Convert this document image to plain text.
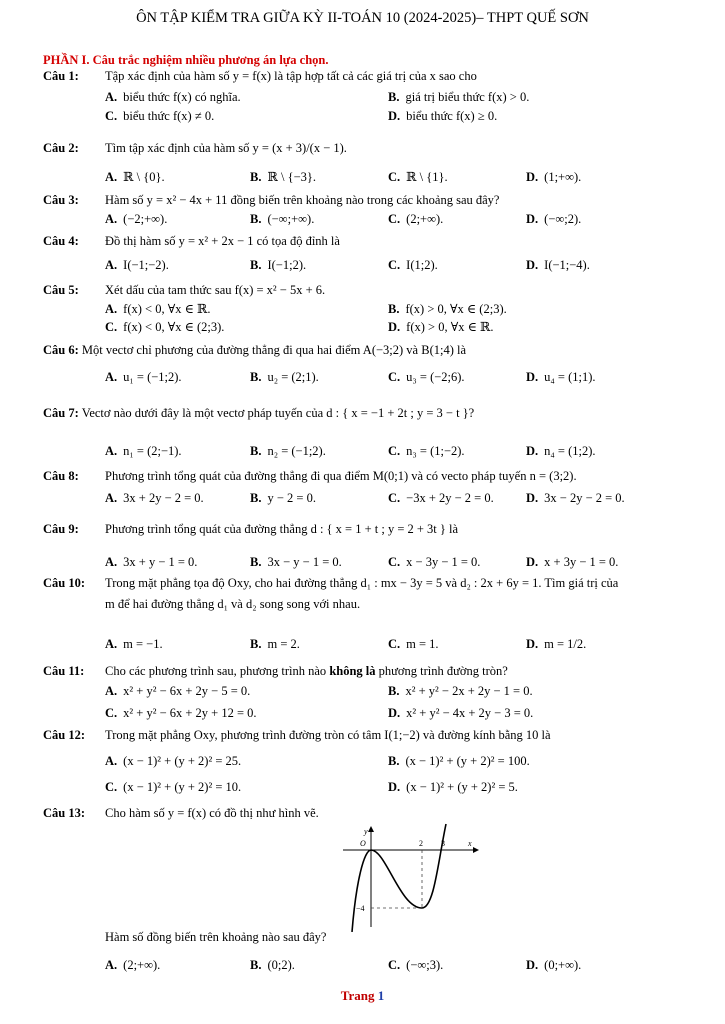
ÔN TẬP KIỂM TRA GIỮA KỲ II-TOÁN 10 (2024-2025)– THPT QUẾ SƠN
PHẦN I. Câu trắc nghiệm nhiều phương án lựa chọn.
Câu 1: Tập xác định của hàm số y = f(x) là tập hợp tất cả các giá trị của x sao cho
A. biểu thức f(x) có nghĩa.	B. giá trị biểu thức f(x) > 0.
C. biểu thức f(x) ≠ 0.	D. biểu thức f(x) ≥ 0.
Câu 2: Tìm tập xác định của hàm số y = (x + 3)/(x − 1).
A. ℝ \ {0}.	B. ℝ \ {−3}.	C. ℝ \ {1}.	D. (1;+∞).
Câu 3: Hàm số y = x² − 4x + 11 đồng biến trên khoảng nào trong các khoảng sau đây?
A. (−2;+∞).	B. (−∞;+∞).	C. (2;+∞).	D. (−∞;2).
Câu 4: Đồ thị hàm số y = x² + 2x − 1 có tọa độ đỉnh là
A. I(−1;−2).	B. I(−1;2).	C. I(1;2).	D. I(−1;−4).
Câu 5: Xét dấu của tam thức sau f(x) = x² − 5x + 6.
A. f(x) < 0, ∀x ∈ ℝ.	B. f(x) > 0, ∀x ∈ (2;3).
C. f(x) < 0, ∀x ∈ (2;3).	D. f(x) > 0, ∀x ∈ ℝ.
Câu 6: Một vectơ chỉ phương của đường thẳng đi qua hai điểm A(−3;2) và B(1;4) là
A. u₁ = (−1;2).	B. u₂ = (2;1).	C. u₃ = (−2;6).	D. u₄ = (1;1).
Câu 7: Vectơ nào dưới đây là một vectơ pháp tuyến của d : { x = −1 + 2t ; y = 3 − t }?
A. n₁ = (2;−1).	B. n₂ = (−1;2).	C. n₃ = (1;−2).	D. n₄ = (1;2).
Câu 8: Phương trình tổng quát của đường thẳng đi qua điểm M(0;1) và có vecto pháp tuyến n = (3;2).
A. 3x + 2y − 2 = 0.	B. y − 2 = 0.	C. −3x + 2y − 2 = 0.	D. 3x − 2y − 2 = 0.
Câu 9: Phương trình tổng quát của đường thẳng d : { x = 1 + t ; y = 2 + 3t } là
A. 3x + y − 1 = 0.	B. 3x − y − 1 = 0.	C. x − 3y − 1 = 0.	D. x + 3y − 1 = 0.
Câu 10: Trong mặt phẳng tọa độ Oxy, cho hai đường thẳng d₁ : mx − 3y = 5 và d₂ : 2x + 6y = 1. Tìm giá trị của
m để hai đường thẳng d₁ và d₂ song song với nhau.
A. m = −1.	B. m = 2.	C. m = 1.	D. m = 1/2.
Câu 11: Cho các phương trình sau, phương trình nào không là phương trình đường tròn?
A. x² + y² − 6x + 2y − 5 = 0.	B. x² + y² − 2x + 2y − 1 = 0.
C. x² + y² − 6x + 2y + 12 = 0.	D. x² + y² − 4x + 2y − 3 = 0.
Câu 12: Trong mặt phẳng Oxy, phương trình đường tròn có tâm I(1;−2) và đường kính bằng 10 là
A. (x − 1)² + (y + 2)² = 25.	B. (x − 1)² + (y + 2)² = 100.
C. (x − 1)² + (y + 2)² = 10.	D. (x − 1)² + (y + 2)² = 5.
Câu 13: Cho hàm số y = f(x) có đồ thị như hình vẽ.
y
O	x
2 3
−4
Hàm số đồng biến trên khoảng nào sau đây?
A. (2;+∞).	B. (0;2).	C. (−∞;3).	D. (0;+∞).
Trang 1
